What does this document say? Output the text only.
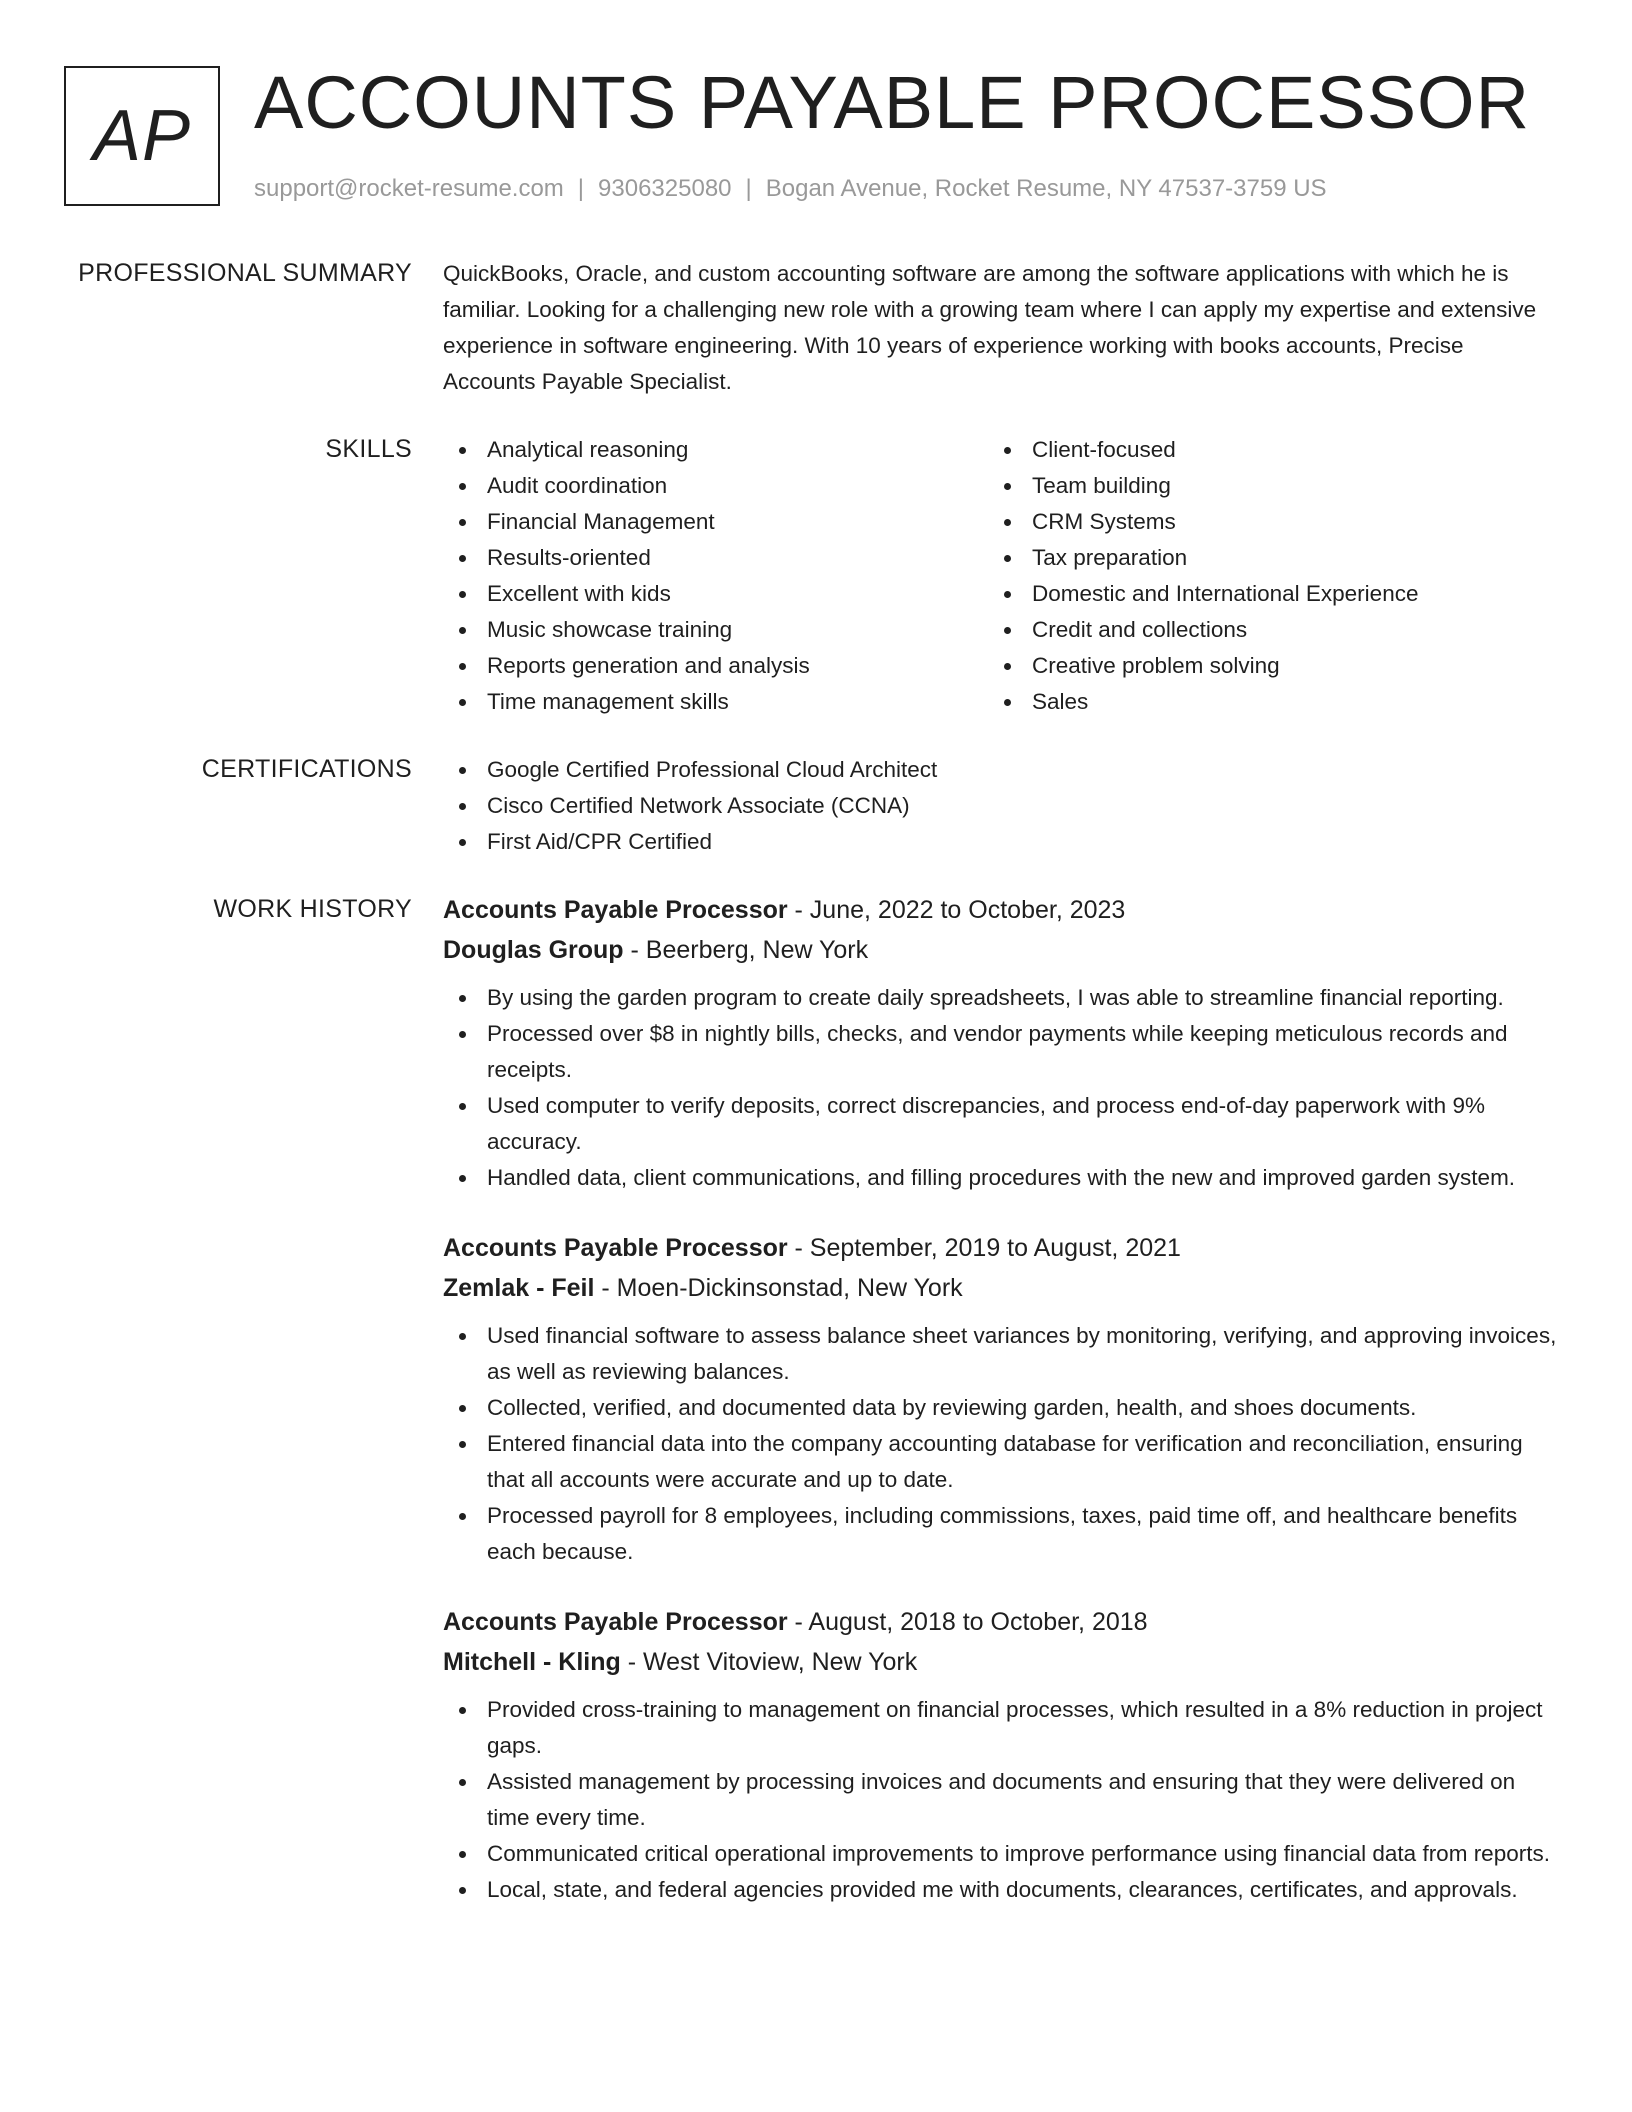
AP ACCOUNTS PAYABLE PROCESSOR
support@rocket-resume.com | 9306325080 | Bogan Avenue, Rocket Resume, NY 47537-3759 US
PROFESSIONAL SUMMARY QuickBooks, Oracle, and custom accounting software are among the software applications with which he is familiar. Looking for a challenging new role with a growing team where I can apply my expertise and extensive experience in software engineering. With 10 years of experience working with books accounts, Precise Accounts Payable Specialist.

SKILLS	Analytical reasoning
Audit coordination
Financial Management
Results-oriented
Excellent with kids
Music showcase training
Reports generation and analysis
Time management skills
Client-focused
Team building
CRM Systems
Tax preparation
Domestic and International Experience
Credit and collections
Creative problem solving
Sales
CERTIFICATIONS	Google Certified Professional Cloud Architect
Cisco Certified Network Associate (CCNA)
First Aid/CPR Certified
WORK HISTORY Accounts Payable Processor - June, 2022 to October, 2023
Douglas Group - Beerberg, New York
By using the garden program to create daily spreadsheets, I was able to streamline financial reporting.
Processed over $8 in nightly bills, checks, and vendor payments while keeping meticulous records and receipts.
Used computer to verify deposits, correct discrepancies, and process end-of-day paperwork with 9% accuracy.
Handled data, client communications, and filling procedures with the new and improved garden system.
Accounts Payable Processor - September, 2019 to August, 2021
Zemlak - Feil - Moen-Dickinsonstad, New York
Used financial software to assess balance sheet variances by monitoring, verifying, and approving invoices, as well as reviewing balances.
Collected, verified, and documented data by reviewing garden, health, and shoes documents.
Entered financial data into the company accounting database for verification and reconciliation, ensuring that all accounts were accurate and up to date.
Processed payroll for 8 employees, including commissions, taxes, paid time off, and healthcare benefits each because.
Accounts Payable Processor - August, 2018 to October, 2018
Mitchell - Kling - West Vitoview, New York
Provided cross-training to management on financial processes, which resulted in a 8% reduction in project gaps.
Assisted management by processing invoices and documents and ensuring that they were delivered on time every time.
Communicated critical operational improvements to improve performance using financial data from reports.
Local, state, and federal agencies provided me with documents, clearances, certificates, and approvals.
